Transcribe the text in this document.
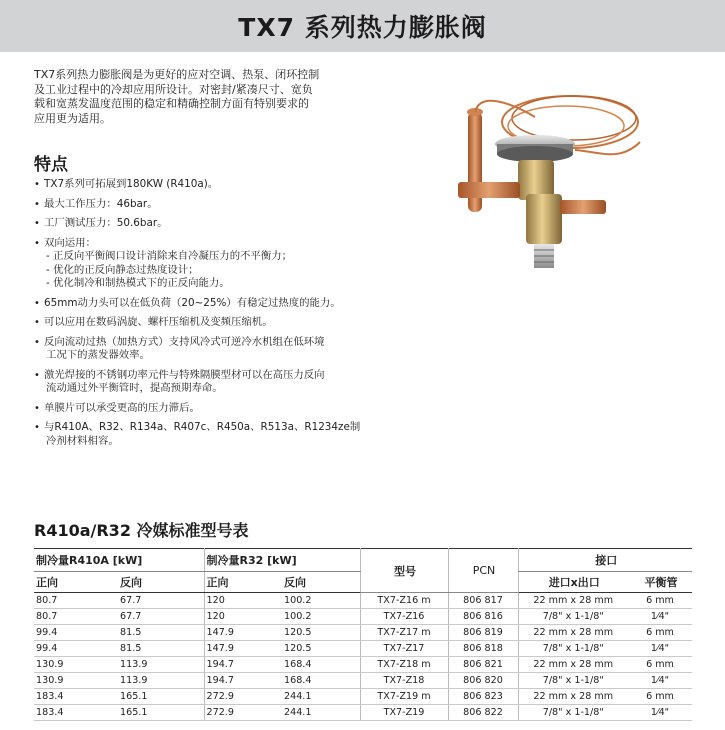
TX7 系列热力膨胀阀
TX7系列热力膨胀阀是为更好的应对空调、热泵、闭环控制
及工业过程中的冷却应用所设计。对密封/紧凑尺寸、宽负
载和宽蒸发温度范围的稳定和精确控制方面有特别要求的
应用更为适用。
特点
• TX7系列可拓展到180KW (R410a)。
• 最大工作压力：46bar。
• 工厂测试压力：50.6bar。
• 双向运用：
- 正反向平衡阀口设计消除来自冷凝压力的不平衡力；
- 优化的正反向静态过热度设计；
- 优化制冷和制热模式下的正反向能力。
• 65mm动力头可以在低负荷（20~25%）有稳定过热度的能力。
• 可以应用在数码涡旋、螺杆压缩机及变频压缩机。
• 反向流动过热（加热方式）支持风冷式可逆冷水机组在低环境
工况下的蒸发器效率。
• 激光焊接的不锈钢功率元件与特殊隔膜型材可以在高压力反向
流动通过外平衡管时，提高预期寿命。
• 单膜片可以承受更高的压力滞后。
• 与R410A、R32、R134a、R407c、R450a、R513a、R1234ze制
冷剂材料相容。
R410a/R32 冷媒标准型号表
制冷量R410A [kW]		制冷量R32 [kW]		型号	PCN	接口	
正向	反向	正向	反向			进口x出口	平衡管
80.7	67.7	120	100.2	TX7-Z16 m	806 817	22 mm x 28 mm	6 mm
80.7	67.7	120	100.2	TX7-Z16	806 816	7/8" x 1-1/8"	1⁄4"
99.4	81.5	147.9	120.5	TX7-Z17 m	806 819	22 mm x 28 mm	6 mm
99.4	81.5	147.9	120.5	TX7-Z17	806 818	7/8" x 1-1/8"	1⁄4"
130.9	113.9	194.7	168.4	TX7-Z18 m	806 821	22 mm x 28 mm	6 mm
130.9	113.9	194.7	168.4	TX7-Z18	806 820	7/8" x 1-1/8"	1⁄4"
183.4	165.1	272.9	244.1	TX7-Z19 m	806 823	22 mm x 28 mm	6 mm
183.4	165.1	272.9	244.1	TX7-Z19	806 822	7/8" x 1-1/8"	1⁄4"
